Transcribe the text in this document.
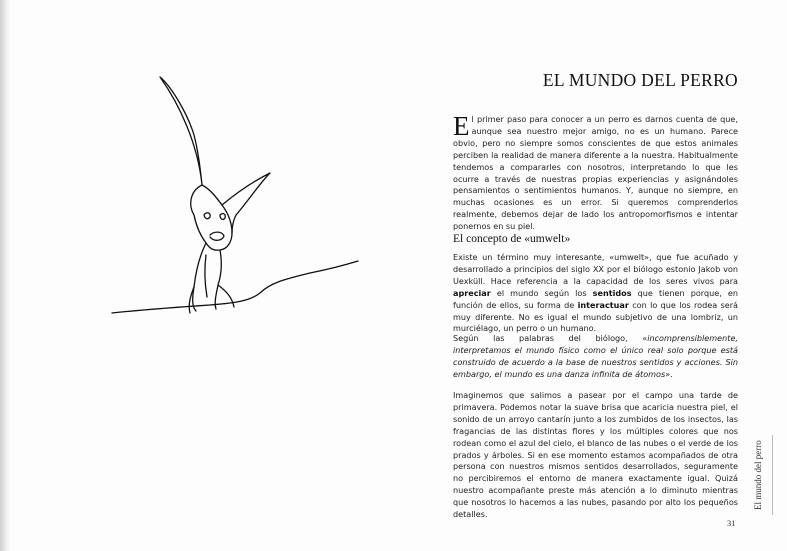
EL MUNDO DEL PERRO
El primer paso para conocer a un perro es darnos cuenta de que, aunque sea nuestro mejor amigo, no es un humano. Parece obvio, pero no siempre somos conscientes de que estos animales perciben la realidad de manera diferente a la nuestra. Habitualmente tendemos a compararles con nosotros, interpretando lo que les ocurre a través de nuestras propias experiencias y asignándoles pensamientos o sentimientos humanos. Y, aunque no siempre, en muchas ocasiones es un error. Si queremos comprenderlos realmente, debemos dejar de lado los antropomorfismos e intentar ponernos en su piel.
El concepto de «umwelt»
Existe un término muy interesante, «umwelt», que fue acuñado y desarrollado a principios del siglo XX por el biólogo estonio Jakob von Uexküll. Hace referencia a la capacidad de los seres vivos para apreciar el mundo según los sentidos que tienen porque, en función de ellos, su forma de interactuar con lo que los rodea será muy diferente. No es igual el mundo subjetivo de una lombriz, un murciélago, un perro o un humano.
Según las palabras del biólogo, «incomprensiblemente, interpretamos el mundo físico como el único real solo porque está construido de acuerdo a la base de nuestros sentidos y acciones. Sin embargo, el mundo es una danza infinita de átomos».
Imaginemos que salimos a pasear por el campo una tarde de primavera. Podemos notar la suave brisa que acaricia nuestra piel, el sonido de un arroyo cantarín junto a los zumbidos de los insectos, las fragancias de las distintas flores y los múltiples colores que nos rodean como el azul del cielo, el blanco de las nubes o el verde de los prados y árboles. Si en ese momento estamos acompañados de otra persona con nuestros mismos sentidos desarrollados, seguramente no percibiremos el entorno de manera exactamente igual. Quizá nuestro acompañante preste más atención a lo diminuto mientras que nosotros lo hacemos a las nubes, pasando por alto los pequeños detalles.
El mundo del perro
31
